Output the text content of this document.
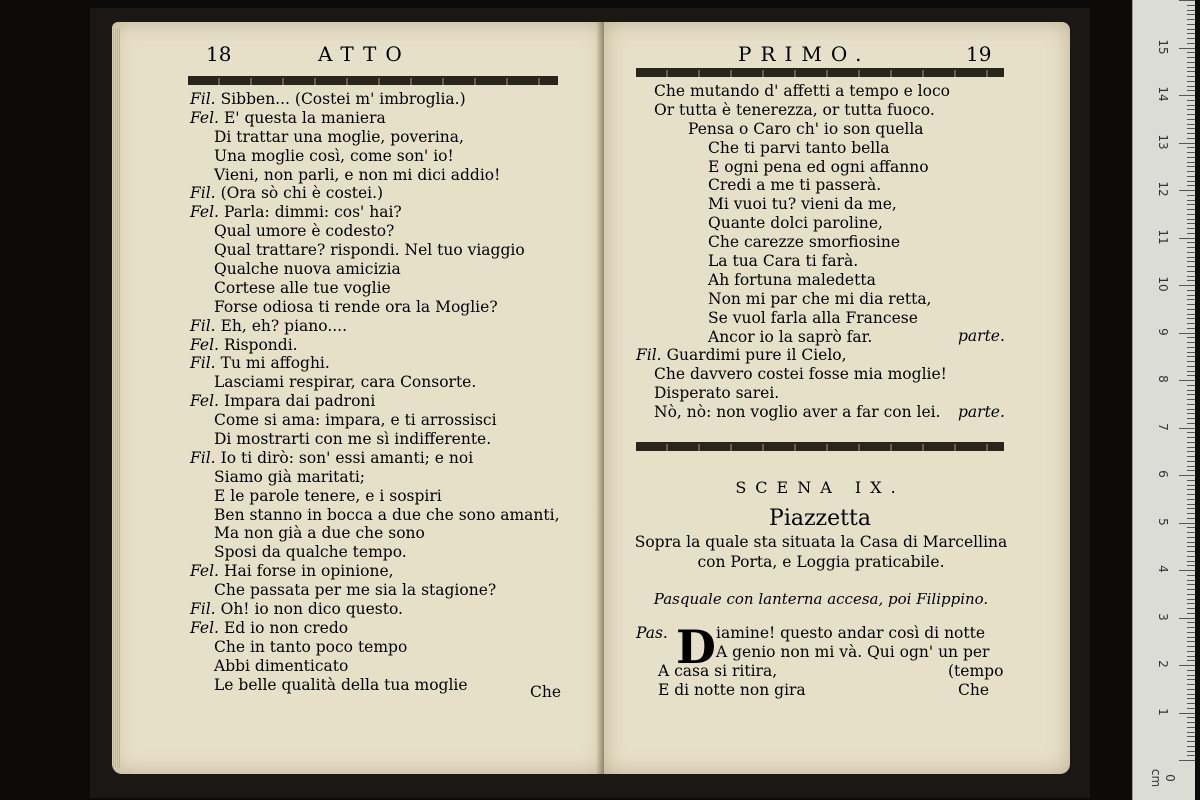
18	ATTO
Fil. Sibben... (Costei m' imbroglia.)
Fel. E' questa la maniera
Di trattar una moglie, poverina,
Una moglie così, come son' io!
Vieni, non parli, e non mi dici addio!
Fil. (Ora sò chi è costei.)
Fel. Parla: dimmi: cos' hai?
Qual umore è codesto?
Qual trattare? rispondi. Nel tuo viaggio
Qualche nuova amicizia
Cortese alle tue voglie
Forse odiosa ti rende ora la Moglie?
Fil. Eh, eh? piano....
Fel. Rispondi.
Fil. Tu mi affoghi.
Lasciami respirar, cara Consorte.
Fel. Impara dai padroni
Come si ama: impara, e ti arrossisci
Di mostrarti con me sì indifferente.
Fil. Io ti dirò: son' essi amanti; e noi
Siamo già maritati;
E le parole tenere, e i sospiri
Ben stanno in bocca a due che sono amanti,
Ma non già a due che sono
Sposi da qualche tempo.
Fel. Hai forse in opinione,
Che passata per me sia la stagione?
Fil. Oh! io non dico questo.
Fel. Ed io non credo
Che in tanto poco tempo
Abbi dimenticato
Le belle qualità della tua moglie	Che
PRIMO.	19
Che mutando d' affetti a tempo e loco
Or tutta è tenerezza, or tutta fuoco.
Pensa o Caro ch' io son quella
Che ti parvi tanto bella
E ogni pena ed ogni affanno
Credi a me ti passerà.
Mi vuoi tu? vieni da me,
Quante dolci paroline,
Che carezze smorfiosine
La tua Cara ti farà.
Ah fortuna maledetta
Non mi par che mi dia retta,
Se vuol farla alla Francese
Ancor io la saprò far.
Fil. Guardimi pure il Cielo,
Che davvero costei fosse mia moglie!
Disperato sarei.
Nò, nò: non voglio aver a far con lei.
parte.
parte.
SCENA IX.
Piazzetta
Sopra la quale sta situata la Casa di Marcellina
con Porta, e Loggia praticabile.
Pasquale con lanterna accesa, poi Filippino.
Pas. D iamine! questo andar così di notte
A genio non mi và. Qui ogn' un per
A casa si ritira,	(tempo
E di notte non gira	Che
0 cm
1
2
3
4
5
6
7
8
9
10
11
12
13
14
15
